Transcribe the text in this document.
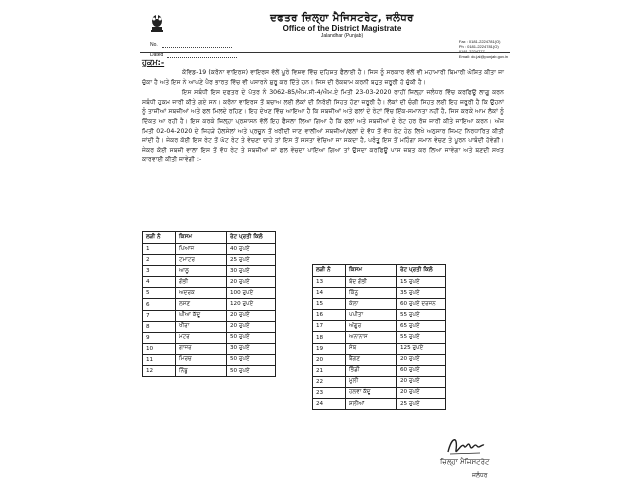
ਦਫਤਰ ਜ਼ਿਲ੍ਹਾ ਮੈਜਿਸਟਰੇਟ, ਜਲੰਧਰ
Office of the District Magistrate
Jalandhar (Punjab)
No.
Dated
Fax : 0181-2224781(O)
Ph : 0181-2224781(O)
0181-2224777
Email: dc.jal@punjab.gov.in
ਹੁਕਮ:-

ਕੋਵਿਡ-19 (ਕਰੋਨਾ ਵਾਇਰਸ) ਵਾਇਰਸ ਵੱਲੋਂ ਪੂਰੇ ਵਿਸ਼ਵ ਵਿੱਚ ਦਹਿਸ਼ਤ ਫੈਲਾਈ ਹੈ। ਜਿਸ ਨੂੰ ਸਰਕਾਰ ਵੱਲੋਂ ਵੀ ਮਹਾਮਾਰੀ ਬਿਮਾਰੀ ਘੋਸ਼ਿਤ ਕੀਤਾ ਜਾ ਚੁੱਕਾ ਹੈ ਅਤੇ ਇਸ ਨੇ ਆਪਣੇ ਪੈਰ ਭਾਰਤ ਵਿੱਚ ਵੀ ਪਸਾਰਨੇ ਸ਼ੁਰੂ ਕਰ ਦਿੱਤੇ ਹਨ। ਜਿਸ ਦੀ ਰੋਕਥਾਮ ਕਰਨੀ ਬਹੁਤ ਜ਼ਰੂਰੀ ਹੋ ਚੁੱਕੀ ਹੈ।

ਇਸ ਸਬੰਧੀ ਇਸ ਦਫਤਰ ਦੇ ਪੱਤਰ ਨੰ 3062-85/ਐਮ.ਸੀ-4/ਐਮ.ਏ ਮਿਤੀ 23-03-2020 ਰਾਹੀਂ ਜ਼ਿਲ੍ਹਾ ਜਲੰਧਰ ਵਿੱਚ ਕਰਫਿਊ ਲਾਗੂ ਕਰਨ ਸਬੰਧੀ ਹੁਕਮ ਜਾਰੀ ਕੀਤੇ ਗਏ ਸਨ। ਕਰੋਨਾ ਵਾਇਰਸ ਤੋਂ ਬਚਾਅ ਲਈ ਲੋਕਾਂ ਦੀ ਨਿਰੋਈ ਸਿਹਤ ਹੋਣਾ ਜ਼ਰੂਰੀ ਹੈ। ਲੋਕਾਂ ਦੀ ਚੰਗੀ ਸਿਹਤ ਲਈ ਇਹ ਜ਼ਰੂਰੀ ਹੈ ਕਿ ਉਹਨਾਂ ਨੂੰ ਤਾਜ਼ੀਆਂ ਸਬਜ਼ੀਆਂ ਅਤੇ ਫਲ ਮਿਲਦੇ ਰਹਿਣ। ਇਹ ਦੇਖਣ ਵਿੱਚ ਆਇਆ ਹੈ ਕਿ ਸਬਜ਼ੀਆਂ ਅਤੇ ਫਲਾਂ ਦੇ ਰੇਟਾਂ ਵਿੱਚ ਇੱਕ-ਸਮਾਨਤਾ ਨਹੀਂ ਹੈ, ਜਿਸ ਕਰਕੇ ਆਮ ਲੋਕਾਂ ਨੂੰ ਦਿੱਕਤ ਆ ਰਹੀ ਹੈ। ਇਸ ਕਰਕੇ ਜ਼ਿਲ੍ਹਾ ਪ੍ਰਸ਼ਾਸਨ ਵੱਲੋਂ ਇਹ ਫੈਸਲਾ ਲਿਆ ਗਿਆ ਹੈ ਕਿ ਫਲਾਂ ਅਤੇ ਸਬਜ਼ੀਆਂ ਦੇ ਰੇਟ ਹਰ ਰੋਜ਼ ਜਾਰੀ ਕੀਤੇ ਜਾਇਆ ਕਰਨ। ਅੱਜ ਮਿਤੀ 02-04-2020 ਦੇ ਜਿਹੜੇ ਹੋਲਸੇਲਾਂ ਅਤੇ ਪ੍ਰਚੂਨ ਤੋਂ ਖਰੀਦੀ ਜਾਣ ਵਾਲੀਆਂ ਸਬਜ਼ੀਆਂ/ਫਲਾਂ ਦੇ ਵੱਧ ਤੋਂ ਵੱਧ ਰੇਟ ਹੇਠ ਲਿਖੇ ਅਨੁਸਾਰ ਜਿਮਟ ਨਿਰਧਾਰਿਤ ਕੀਤੀ ਜਾਂਦੀ ਹੈ। ਜੇਕਰ ਕੋਈ ਇਸ ਰੇਟ ਤੋਂ ਘੱਟ ਰੇਟ ਤੇ ਵੇਚਣਾ ਚਾਹੇ ਤਾਂ ਇਸ ਤੋਂ ਸਸਤਾ ਵੇਚਿਆ ਜਾ ਸਕਦਾ ਹੈ, ਪਰੰਤੂ ਇਸ ਤੋਂ ਮਹਿੰਗਾ ਸਮਾਨ ਵੇਚਣ ਤੇ ਪੂਰਨ ਪਾਬੰਦੀ ਹੋਵੇਗੀ। ਜੇਕਰ ਕੋਈ ਸਬਜ਼ੀ ਵਾਲਾ ਇਸ ਤੋਂ ਵੱਧ ਰੇਟ ਤੇ ਸਬਜ਼ੀਆਂ ਜਾਂ ਫਲ ਵੇਚਦਾ ਪਾਇਆ ਗਿਆ ਤਾਂ ਉਸਦਾ ਕਰਫਿਊ ਪਾਸ ਜ਼ਬਤ ਕਰ ਲਿਆ ਜਾਵੇਗਾ ਅਤੇ ਬਣਦੀ ਸਖਤ ਕਾਰਵਾਈ ਕੀਤੀ ਜਾਵੇਗੀ :-

ਲੜੀ ਨੰ	ਕਿਸਮ	ਰੇਟ ਪ੍ਰਤੀ ਕਿਲੋ
1	ਪਿਆਜ	40 ਰੁਪਏ
2	ਟਮਾਟਰ	25 ਰੁਪਏ
3	ਆਲੂ	30 ਰੁਪਏ
4	ਗੋਭੀ	20 ਰੁਪਏ
5	ਅਦਰਕ	100 ਰੁਪਏ
6	ਲਸਣ	120 ਰੁਪਏ
7	ਘੀਆ ਕੱਦੂ	20 ਰੁਪਏ
8	ਖੀਰਾ	20 ਰੁਪਏ
9	ਮਟਰ	50 ਰੁਪਏ
10	ਗਾਜਰ	30 ਰੁਪਏ
11	ਮਿਰਚ	50 ਰੁਪਏ
12	ਨਿੰਬੂ	50 ਰੁਪਏ
ਲੜੀ ਨੰ	ਕਿਸਮ	ਰੇਟ ਪ੍ਰਤੀ ਕਿਲੋ
13	ਬੰਦ ਗੋਭੀ	15 ਰੁਪਏ
14	ਕਿੰਨੂ	35 ਰੁਪਏ
15	ਕੇਲਾ	60 ਰੁਪਏ ਦਰਜਨ
16	ਪਪੀਤਾ	55 ਰੁਪਏ
17	ਅੰਗੂਰ	65 ਰੁਪਏ
18	ਅਨਾਨਾਸ	55 ਰੁਪਏ
19	ਸੇਬ	125 ਰੁਪਏ
20	ਬੈਂਗਣ	20 ਰੁਪਏ
21	ਭਿੰਡੀ	60 ਰੁਪਏ
22	ਮੂਲੀ	20 ਰੁਪਏ
23	ਹਲਵਾ ਕੱਦੂ	20 ਰੁਪਏ
24	ਸ਼ਲੀਆਂ	25 ਰੁਪਏ
ਜ਼ਿਲ੍ਹਾ ਮੈਜਿਸਟਰੇਟ
ਜਲੰਧਰ
